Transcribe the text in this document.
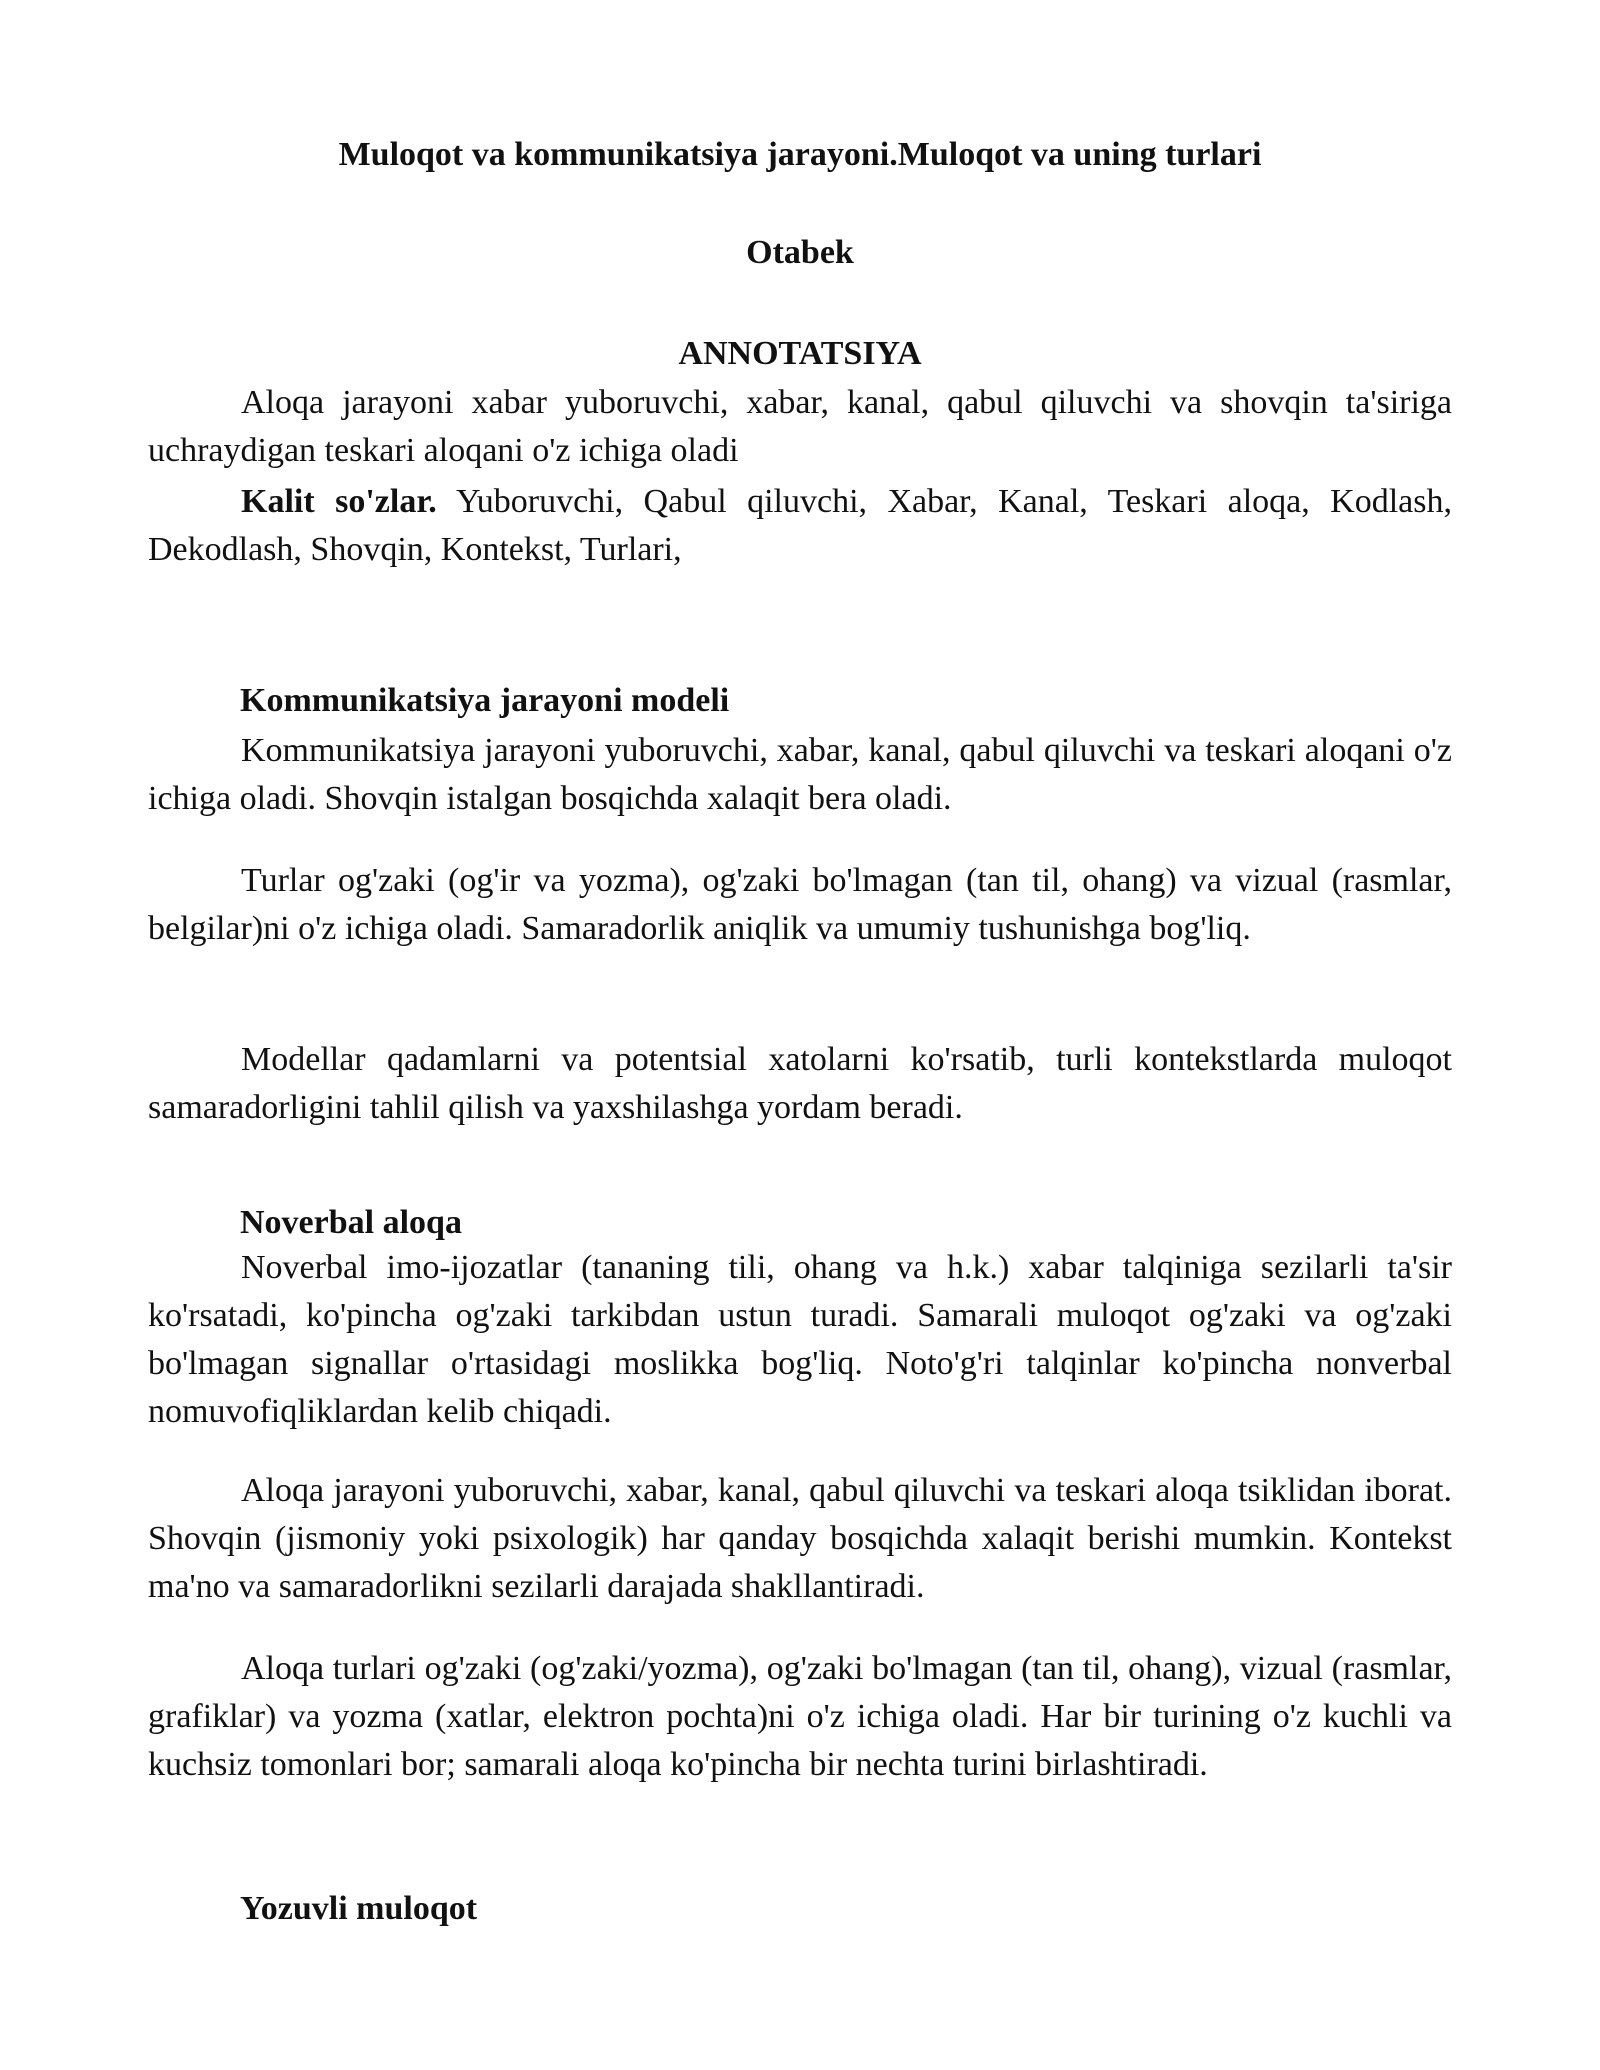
Muloqot va kommunikatsiya jarayoni.Muloqot va uning turlari

Otabek

ANNOTATSIYA

Aloqa jarayoni xabar yuboruvchi, xabar, kanal, qabul qiluvchi va shovqin ta'siriga uchraydigan teskari aloqani o'z ichiga oladi

Kalit so'zlar. Yuboruvchi, Qabul qiluvchi, Xabar, Kanal, Teskari aloqa, Kodlash, Dekodlash, Shovqin, Kontekst, Turlari,

Kommunikatsiya jarayoni modeli

Kommunikatsiya jarayoni yuboruvchi, xabar, kanal, qabul qiluvchi va teskari aloqani o'z ichiga oladi. Shovqin istalgan bosqichda xalaqit bera oladi.

Turlar og'zaki (og'ir va yozma), og'zaki bo'lmagan (tan til, ohang) va vizual (rasmlar, belgilar)ni o'z ichiga oladi. Samaradorlik aniqlik va umumiy tushunishga bog'liq.

Modellar qadamlarni va potentsial xatolarni ko'rsatib, turli kontekstlarda muloqot samaradorligini tahlil qilish va yaxshilashga yordam beradi.

Noverbal aloqa

Noverbal imo-ijozatlar (tananing tili, ohang va h.k.) xabar talqiniga sezilarli ta'sir ko'rsatadi, ko'pincha og'zaki tarkibdan ustun turadi. Samarali muloqot og'zaki va og'zaki bo'lmagan signallar o'rtasidagi moslikka bog'liq. Noto'g'ri talqinlar ko'pincha nonverbal nomuvofiqliklardan kelib chiqadi.

Aloqa jarayoni yuboruvchi, xabar, kanal, qabul qiluvchi va teskari aloqa tsiklidan iborat. Shovqin (jismoniy yoki psixologik) har qanday bosqichda xalaqit berishi mumkin. Kontekst ma'no va samaradorlikni sezilarli darajada shakllantiradi.

Aloqa turlari og'zaki (og'zaki/yozma), og'zaki bo'lmagan (tan til, ohang), vizual (rasmlar, grafiklar) va yozma (xatlar, elektron pochta)ni o'z ichiga oladi. Har bir turining o'z kuchli va kuchsiz tomonlari bor; samarali aloqa ko'pincha bir nechta turini birlashtiradi.

Yozuvli muloqot
